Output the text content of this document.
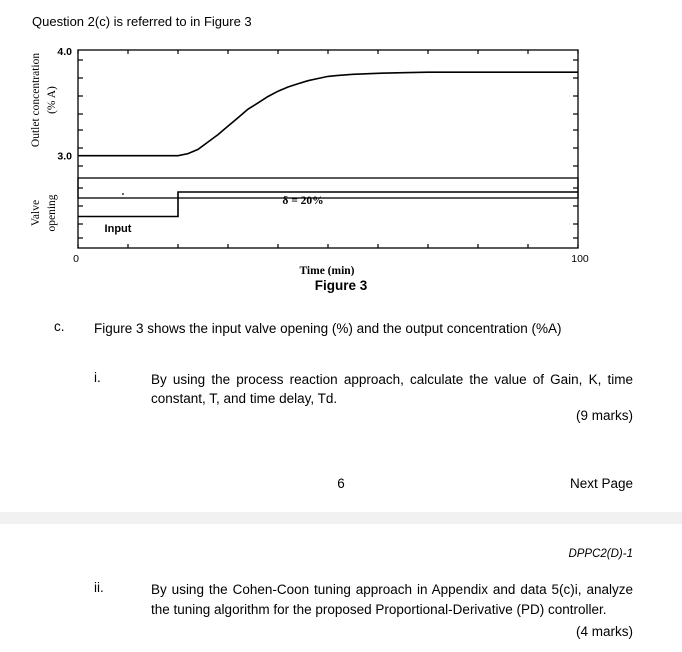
Question 2(c) is referred to in Figure 3
4.0
3.0
0	100
Time (min)
Input
δ = 20%
Outlet concentration (% A)
Valve opening
Figure 3
c. Figure 3 shows the input valve opening (%) and the output concentration (%A)
i.	By using the process reaction approach, calculate the value of Gain, K, time constant, T, and time delay, Td.
(9 marks)
6	Next Page
DPPC2(D)-1
ii.	By using the Cohen-Coon tuning approach in Appendix and data 5(c)i, analyze the tuning algorithm for the proposed Proportional-Derivative (PD) controller.
(4 marks)
